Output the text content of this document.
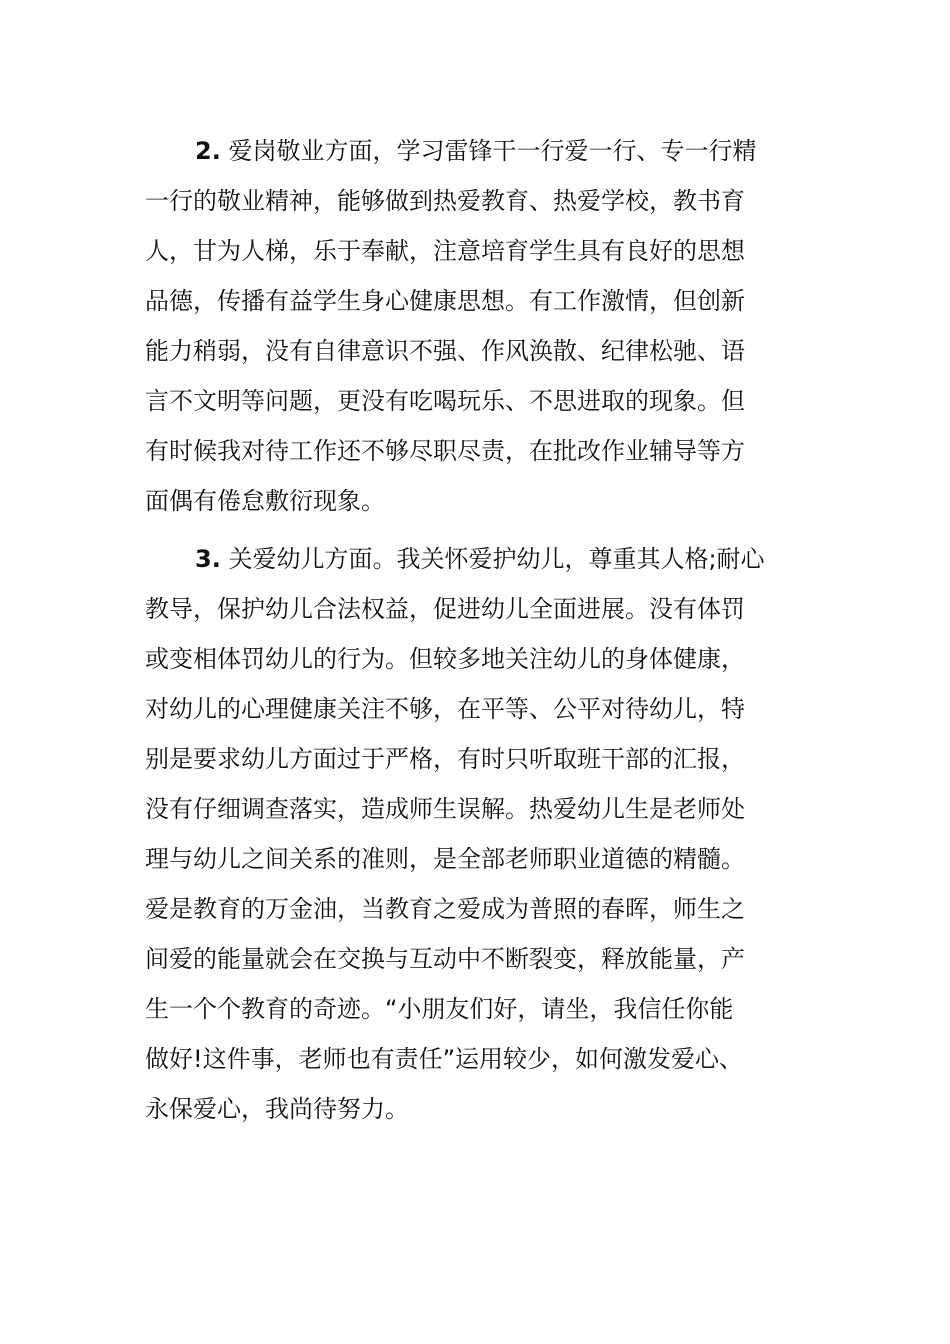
2. 爱岗敬业方面，学习雷锋干一行爱一行、专一行精
一行的敬业精神，能够做到热爱教育、热爱学校，教书育
人，甘为人梯，乐于奉献，注意培育学生具有良好的思想
品德，传播有益学生身心健康思想。有工作激情，但创新
能力稍弱，没有自律意识不强、作风涣散、纪律松驰、语
言不文明等问题，更没有吃喝玩乐、不思进取的现象。但
有时候我对待工作还不够尽职尽责，在批改作业辅导等方
面偶有倦怠敷衍现象。
3. 关爱幼儿方面。我关怀爱护幼儿，尊重其人格;耐心
教导，保护幼儿合法权益，促进幼儿全面进展。没有体罚
或变相体罚幼儿的行为。但较多地关注幼儿的身体健康，
对幼儿的心理健康关注不够，在平等、公平对待幼儿，特
别是要求幼儿方面过于严格，有时只听取班干部的汇报，
没有仔细调查落实，造成师生误解。热爱幼儿生是老师处
理与幼儿之间关系的准则，是全部老师职业道德的精髓。
爱是教育的万金油，当教育之爱成为普照的春晖，师生之
间爱的能量就会在交换与互动中不断裂变，释放能量，产
生一个个教育的奇迹。“小朋友们好，请坐，我信任你能
做好!这件事，老师也有责任”运用较少，如何激发爱心、
永保爱心，我尚待努力。
